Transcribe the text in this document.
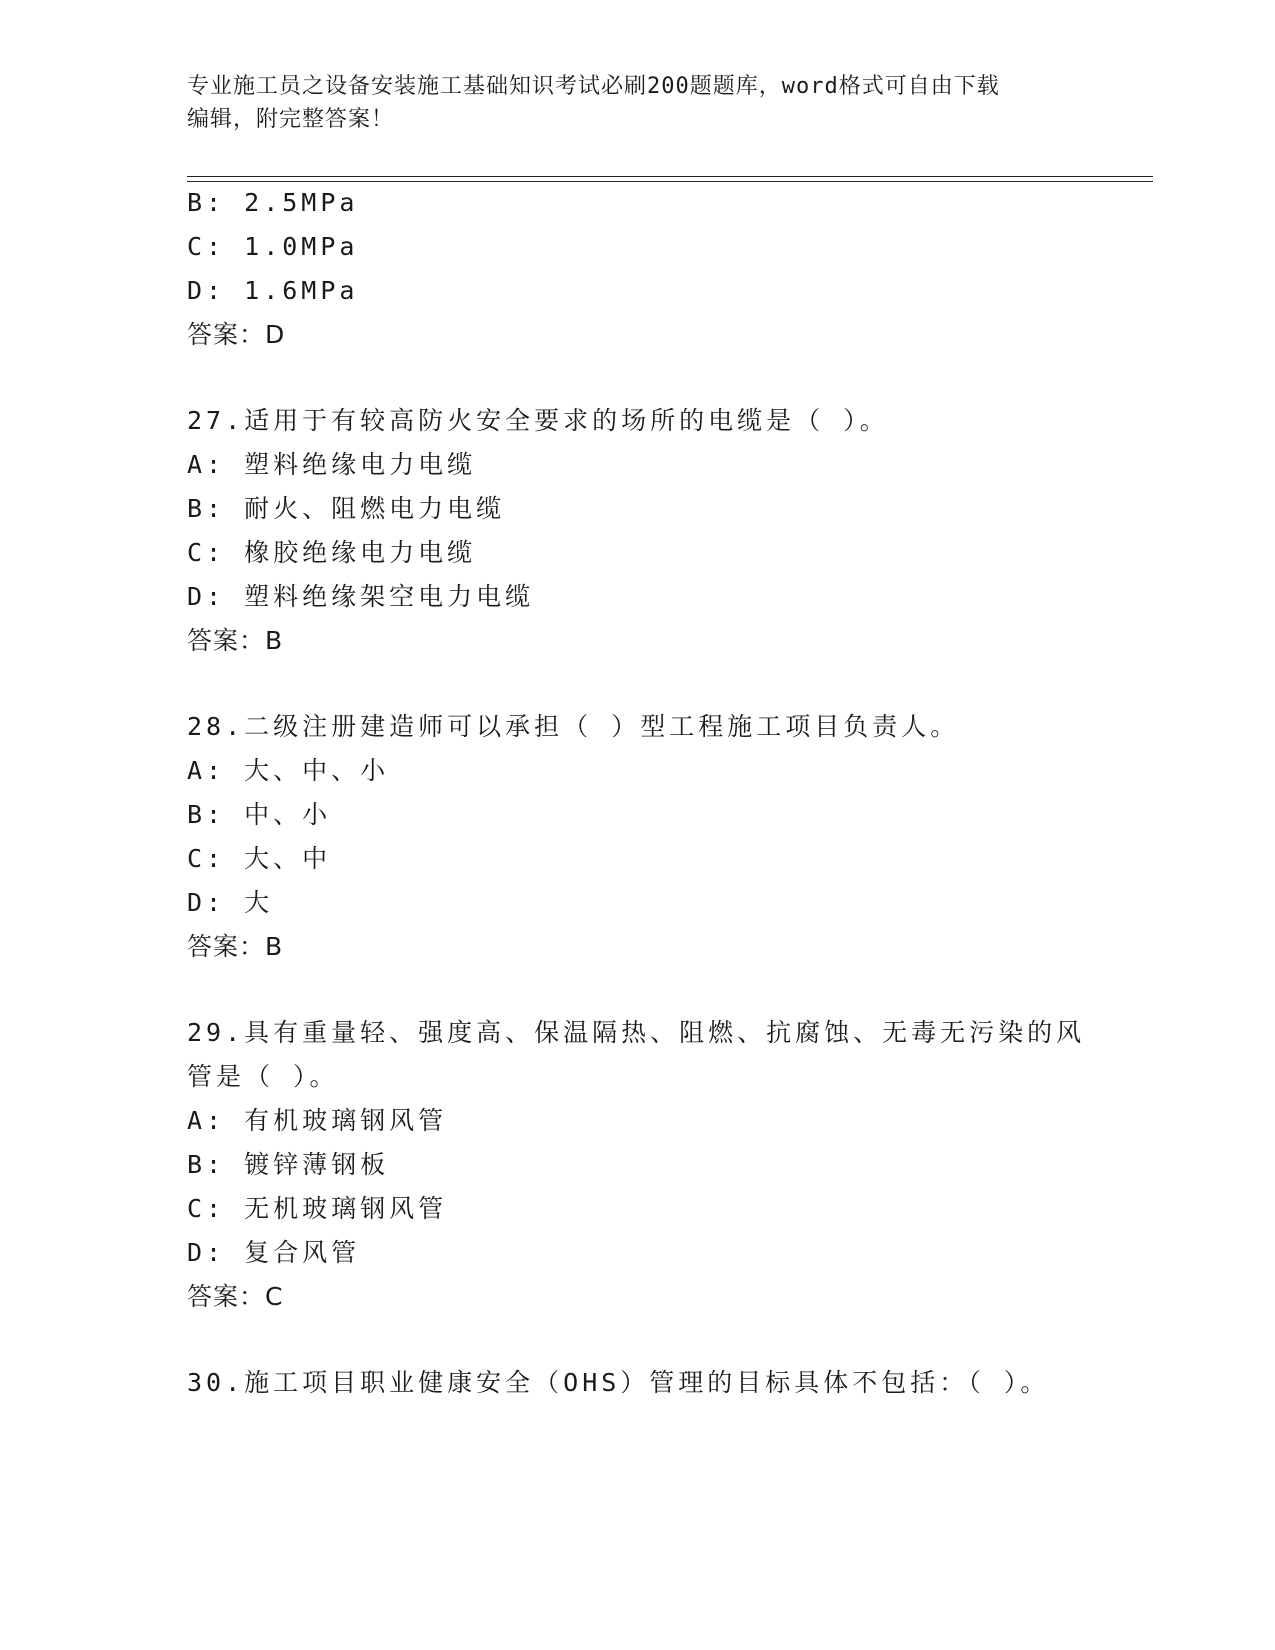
专业施工员之设备安装施工基础知识考试必刷200题题库，word格式可自由下载
编辑，附完整答案！
B: 2.5MPa
C: 1.0MPa
D: 1.6MPa
答案：D
27.适用于有较高防火安全要求的场所的电缆是（ ）。
A: 塑料绝缘电力电缆
B: 耐火、阻燃电力电缆
C: 橡胶绝缘电力电缆
D: 塑料绝缘架空电力电缆
答案：B
28.二级注册建造师可以承担（ ）型工程施工项目负责人。
A: 大、中、小
B: 中、小
C: 大、中
D: 大
答案：B
29.具有重量轻、强度高、保温隔热、阻燃、抗腐蚀、无毒无污染的风
管是（ ）。
A: 有机玻璃钢风管
B: 镀锌薄钢板
C: 无机玻璃钢风管
D: 复合风管
答案：C
30.施工项目职业健康安全（OHS）管理的目标具体不包括：（ ）。
